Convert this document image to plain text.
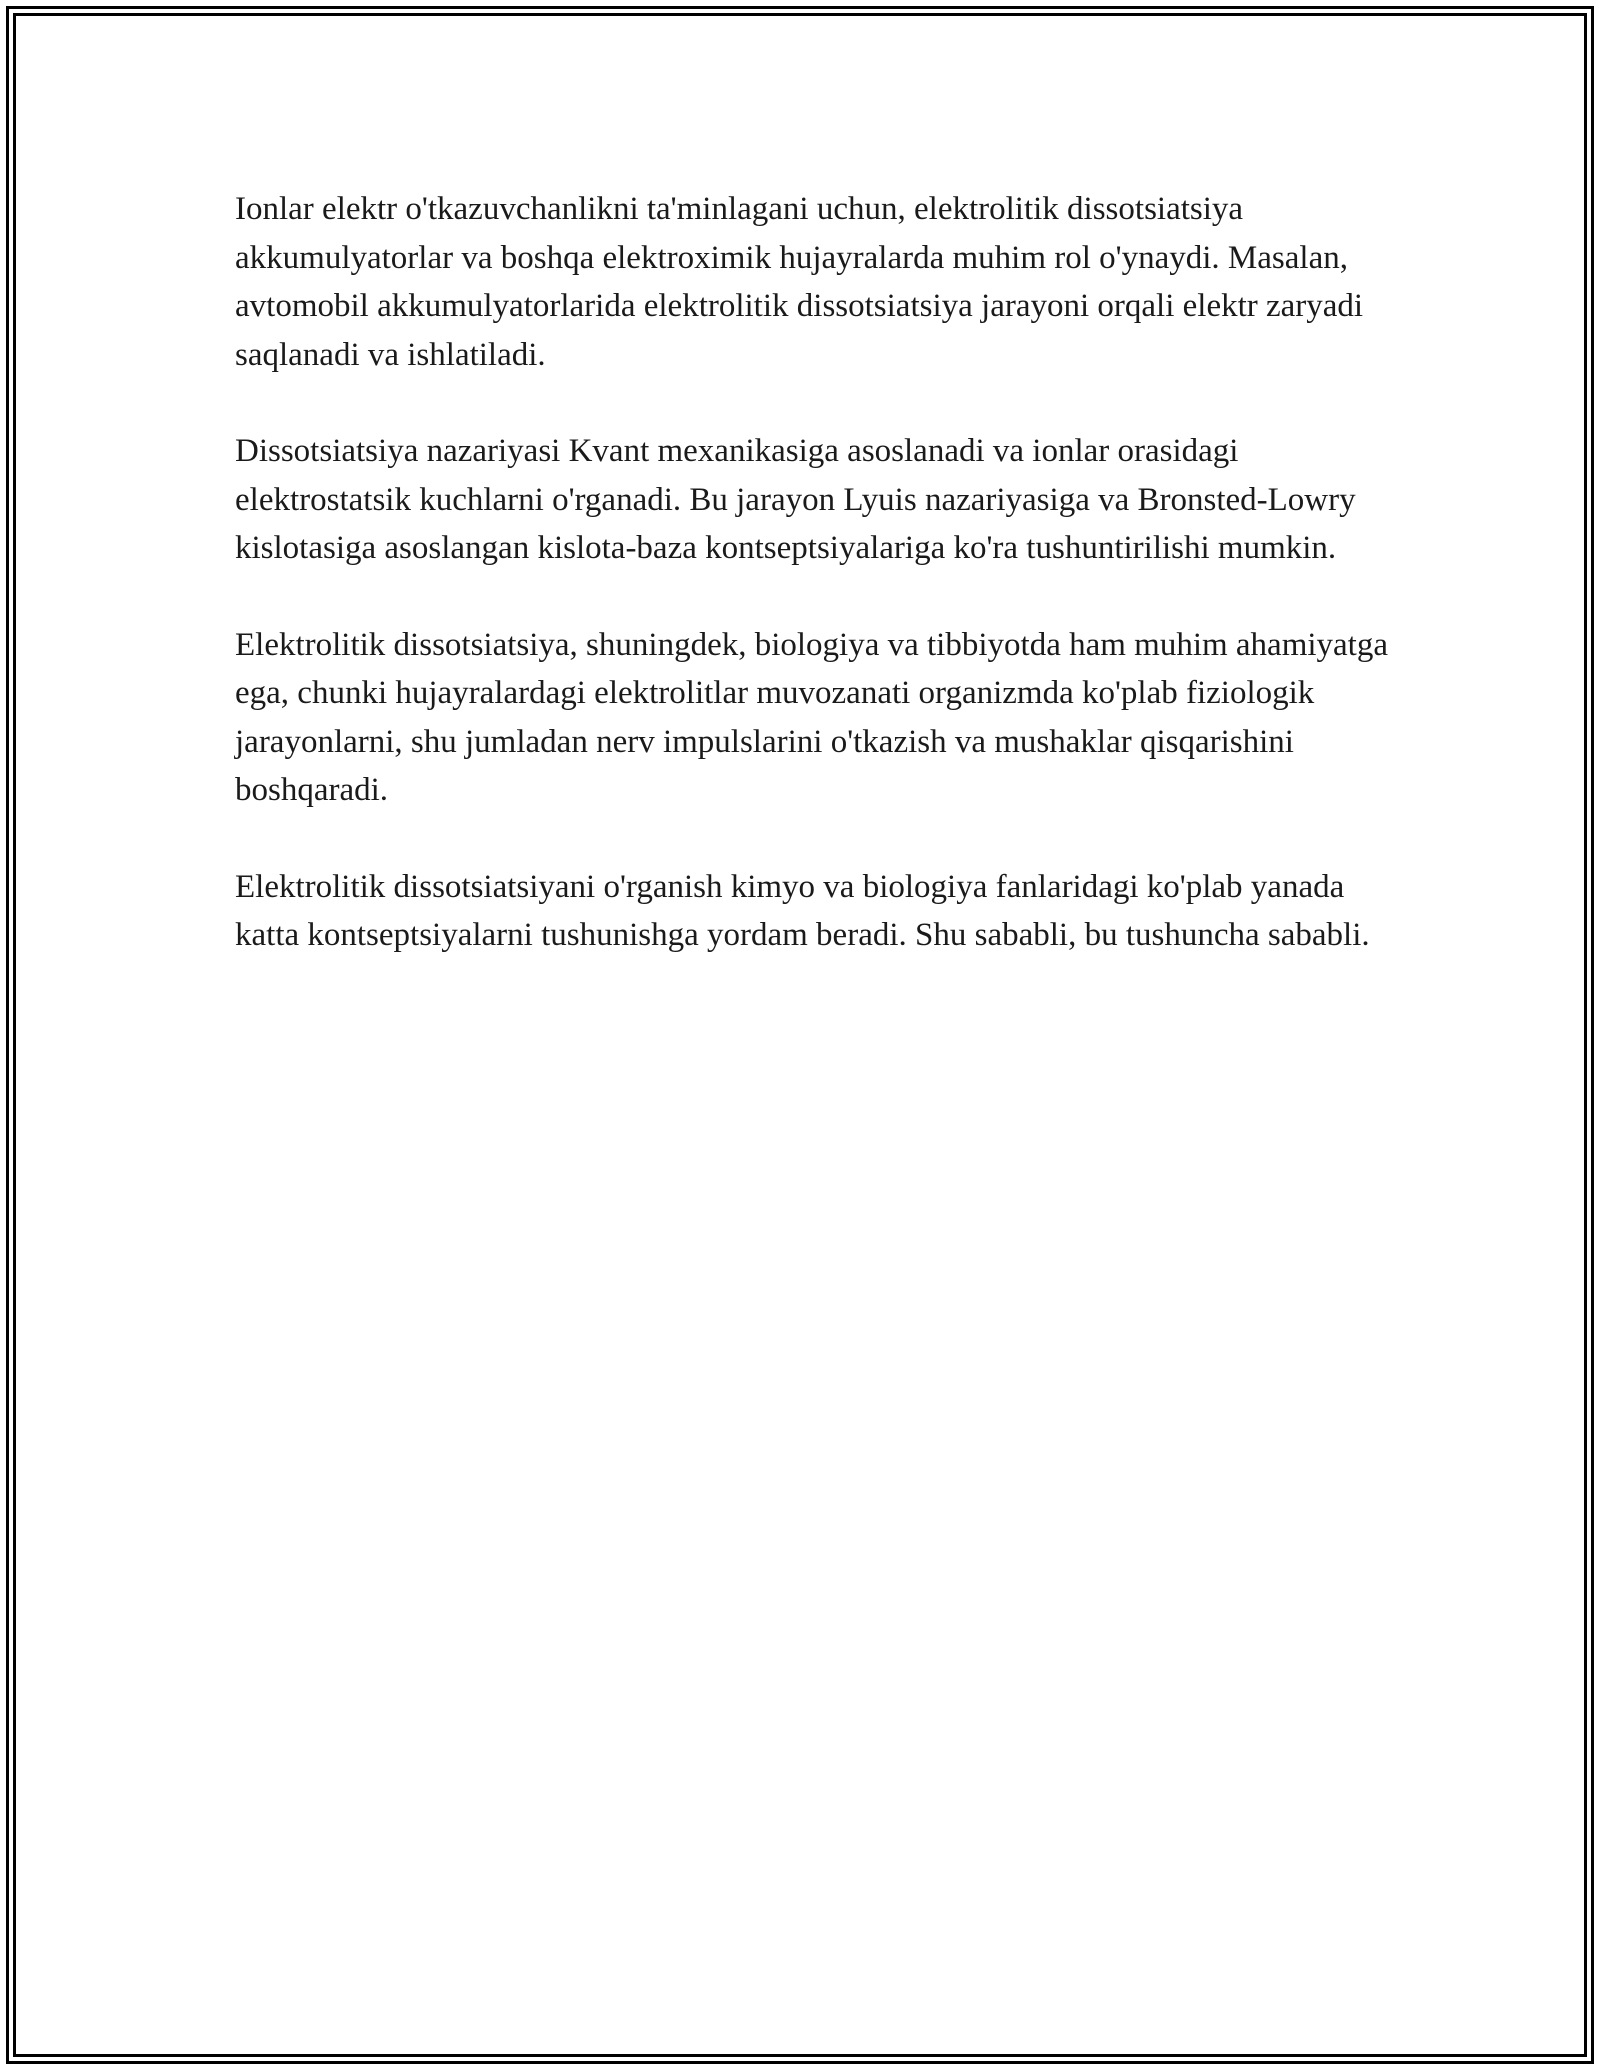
Ionlar elektr o'tkazuvchanlikni ta'minlagani uchun, elektrolitik dissotsiatsiya akkumulyatorlar va boshqa elektroximik hujayralarda muhim rol o'ynaydi. Masalan, avtomobil akkumulyatorlarida elektrolitik dissotsiatsiya jarayoni orqali elektr zaryadi saqlanadi va ishlatiladi.

Dissotsiatsiya nazariyasi Kvant mexanikasiga asoslanadi va ionlar orasidagi elektrostatsik kuchlarni o'rganadi. Bu jarayon Lyuis nazariyasiga va Bronsted-Lowry kislotasiga asoslangan kislota-baza kontseptsiyalariga ko'ra tushuntirilishi mumkin.

Elektrolitik dissotsiatsiya, shuningdek, biologiya va tibbiyotda ham muhim ahamiyatga ega, chunki hujayralardagi elektrolitlar muvozanati organizmda ko'plab fiziologik jarayonlarni, shu jumladan nerv impulslarini o'tkazish va mushaklar qisqarishini boshqaradi.

Elektrolitik dissotsiatsiyani o'rganish kimyo va biologiya fanlaridagi ko'plab yanada katta kontseptsiyalarni tushunishga yordam beradi. Shu sababli, bu tushuncha sababli.
